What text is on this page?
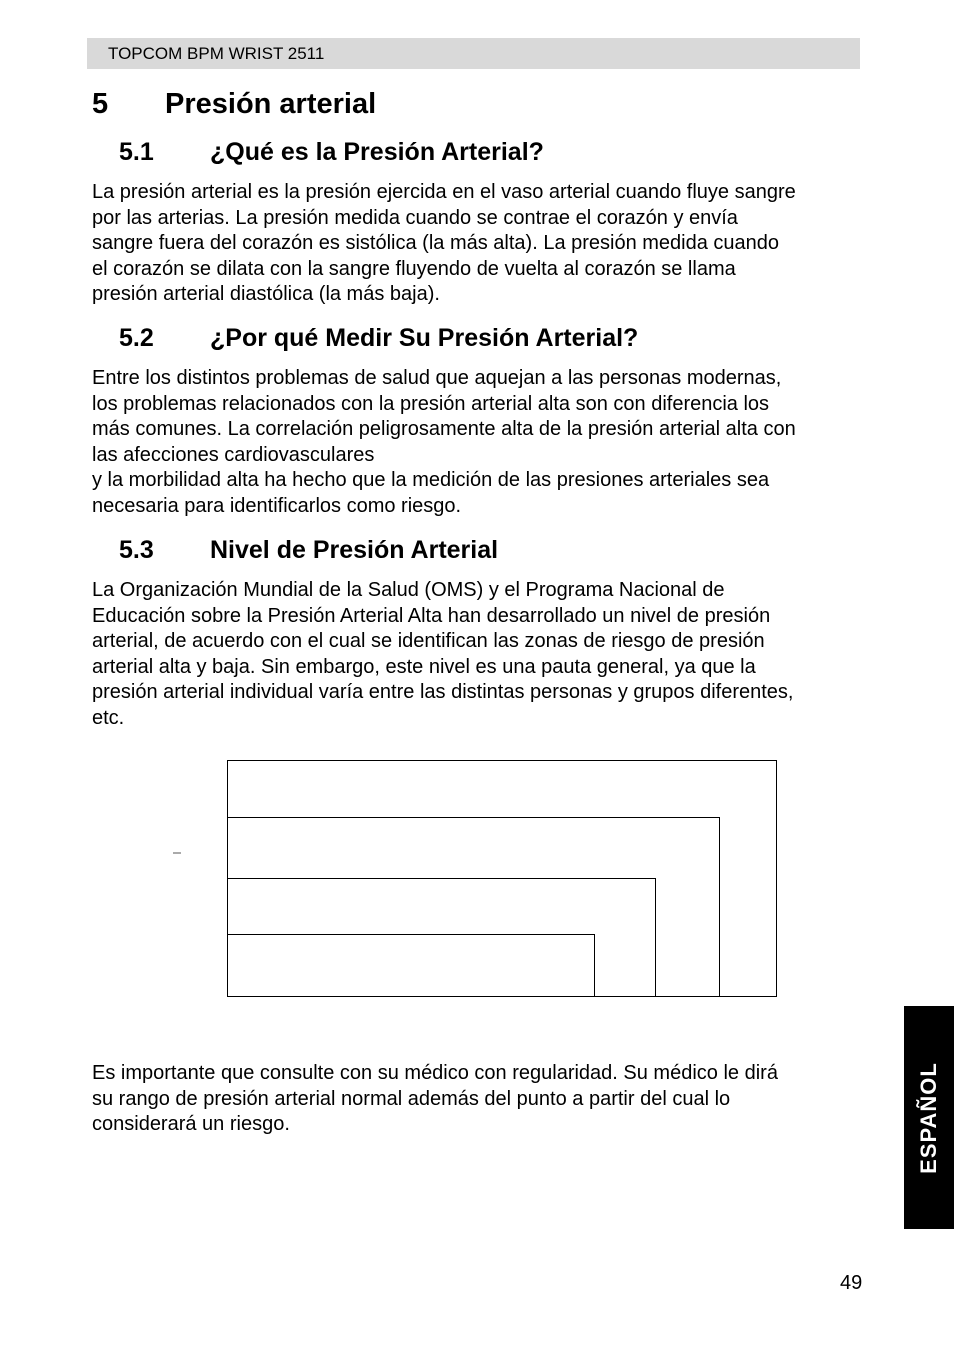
TOPCOM BPM WRIST 2511
5 Presión arterial
5.1 ¿Qué es la Presión Arterial?

La presión arterial es la presión ejercida en el vaso arterial cuando fluye sangre

por las arterias. La presión medida cuando se contrae el corazón y envía

sangre fuera del corazón es sistólica (la más alta). La presión medida cuando

el corazón se dilata con la sangre fluyendo de vuelta al corazón se llama

presión arterial diastólica (la más baja).

5.2 ¿Por qué Medir Su Presión Arterial?

Entre los distintos problemas de salud que aquejan a las personas modernas,

los problemas relacionados con la presión arterial alta son con diferencia los

más comunes. La correlación peligrosamente alta de la presión arterial alta con

las afecciones cardiovasculares

y la morbilidad alta ha hecho que la medición de las presiones arteriales sea

necesaria para identificarlos como riesgo.

5.3 Nivel de Presión Arterial

La Organización Mundial de la Salud (OMS) y el Programa Nacional de

Educación sobre la Presión Arterial Alta han desarrollado un nivel de presión

arterial, de acuerdo con el cual se identifican las zonas de riesgo de presión

arterial alta y baja. Sin embargo, este nivel es una pauta general, ya que la

presión arterial individual varía entre las distintas personas y grupos diferentes,

etc.

Es importante que consulte con su médico con regularidad. Su médico le dirá

su rango de presión arterial normal además del punto a partir del cual lo

considerará un riesgo.	ESPAÑOL
49
